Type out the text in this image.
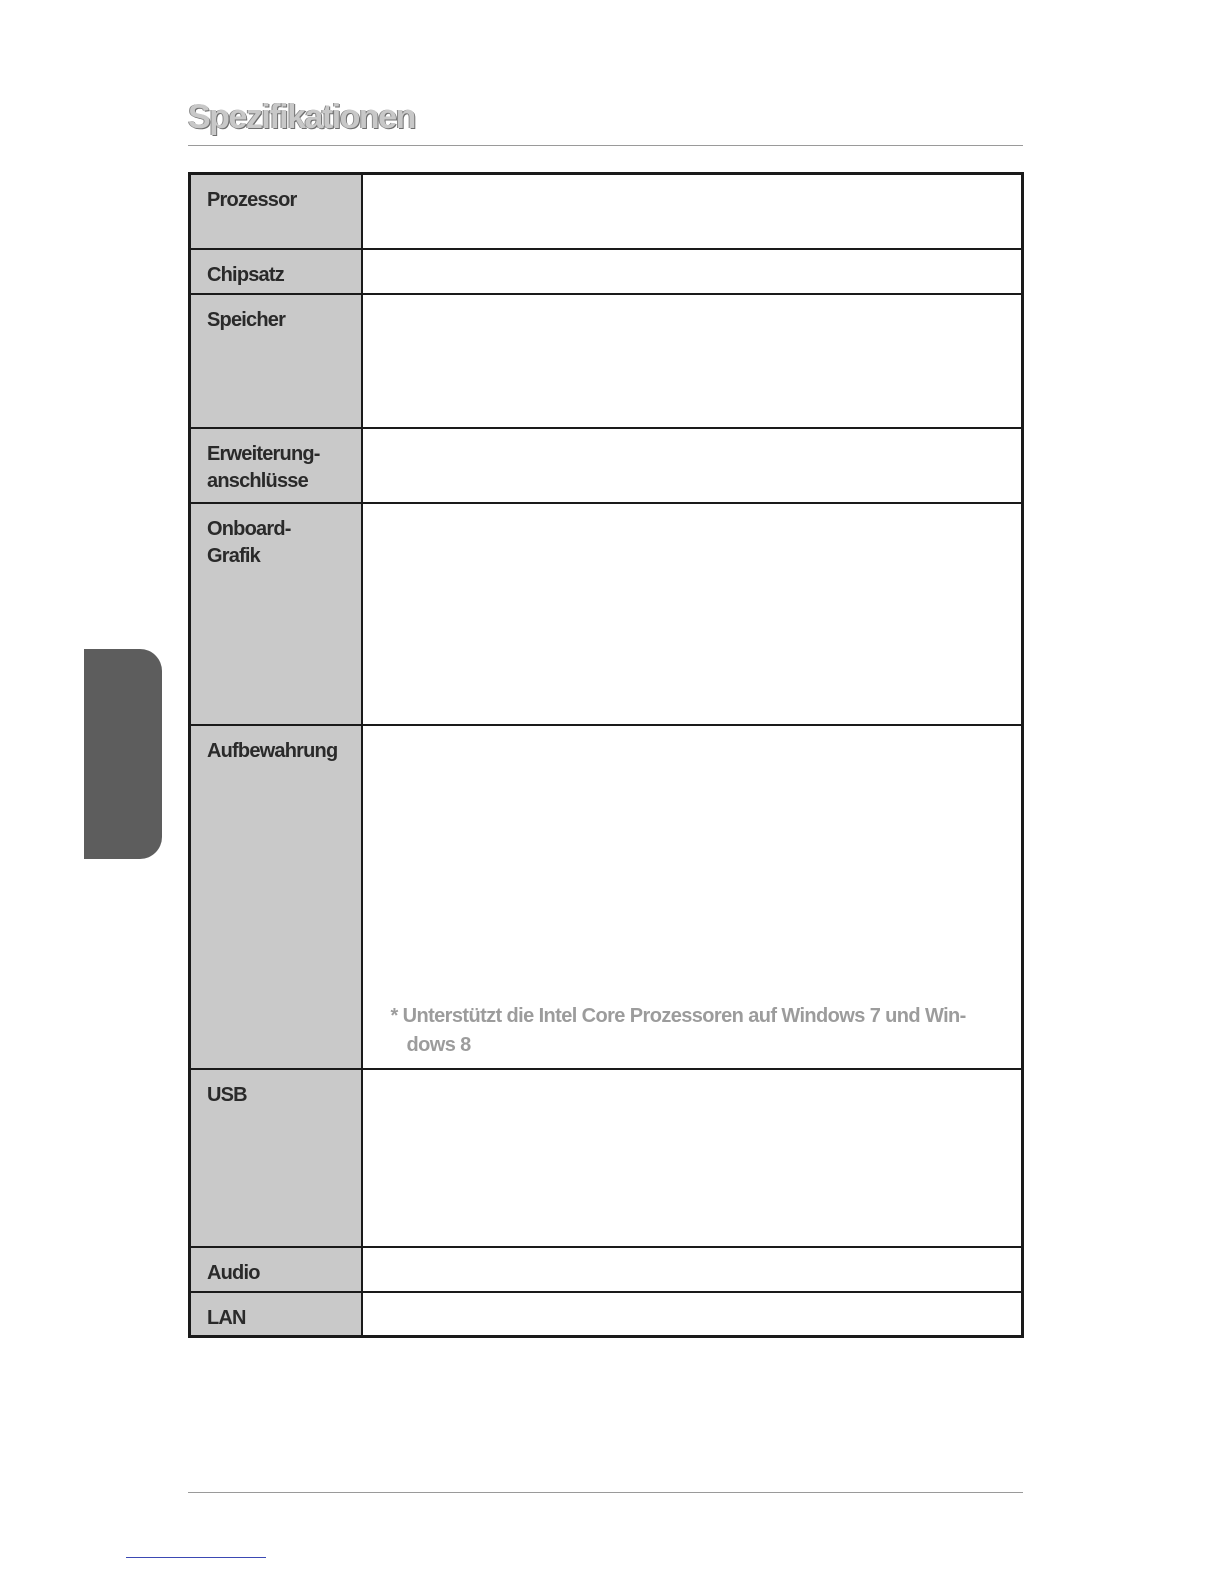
Spezifikationen
Prozessor	

Chipsatz	

Speicher	

Erweiterung-
anschlüsse	

Onboard-
Grafik	

Aufbewahrung	* Unterstützt die Intel Core Prozessoren auf Windows 7 und Win-dows 8

USB	

Audio	

LAN	
